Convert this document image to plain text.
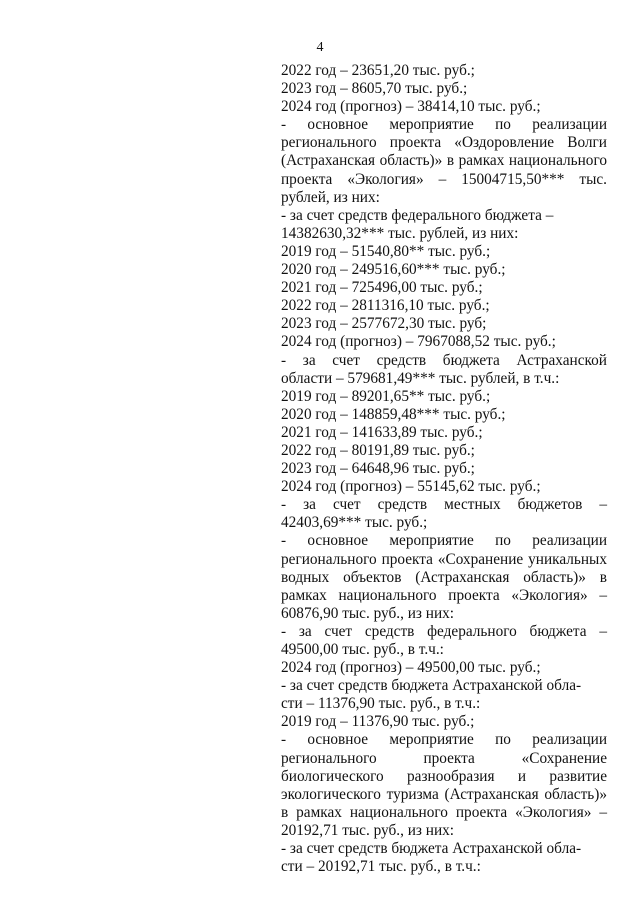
4
2022 год – 23651,20 тыс. руб.;
2023 год – 8605,70 тыс. руб.;
2024 год (прогноз) – 38414,10 тыс. руб.;
- основное мероприятие по реализации
регионального проекта «Оздоровление Волги
(Астраханская область)» в рамках национального
проекта «Экология» – 15004715,50*** тыс.
рублей, из них:
- за счет средств федерального бюджета –
14382630,32*** тыс. рублей, из них:
2019 год – 51540,80** тыс. руб.;
2020 год – 249516,60*** тыс. руб.;
2021 год – 725496,00 тыс. руб.;
2022 год – 2811316,10 тыс. руб.;
2023 год – 2577672,30 тыс. руб;
2024 год (прогноз) – 7967088,52 тыс. руб.;
- за счет средств бюджета Астраханской
области – 579681,49*** тыс. рублей, в т.ч.:
2019 год – 89201,65** тыс. руб.;
2020 год – 148859,48*** тыс. руб.;
2021 год – 141633,89 тыс. руб.;
2022 год – 80191,89 тыс. руб.;
2023 год – 64648,96 тыс. руб.;
2024 год (прогноз) – 55145,62 тыс. руб.;
- за счет средств местных бюджетов –
42403,69*** тыс. руб.;
- основное мероприятие по реализации
регионального проекта «Сохранение уникальных
водных объектов (Астраханская область)» в
рамках национального проекта «Экология» –
60876,90 тыс. руб., из них:
- за счет средств федерального бюджета –
49500,00 тыс. руб., в т.ч.:
2024 год (прогноз) – 49500,00 тыс. руб.;
- за счет средств бюджета Астраханской обла-
сти – 11376,90 тыс. руб., в т.ч.:
2019 год – 11376,90 тыс. руб.;
- основное мероприятие по реализации
регионального проекта «Сохранение
биологического разнообразия и развитие
экологического туризма (Астраханская область)»
в рамках национального проекта «Экология» –
20192,71 тыс. руб., из них:
- за счет средств бюджета Астраханской обла-
сти – 20192,71 тыс. руб., в т.ч.:
